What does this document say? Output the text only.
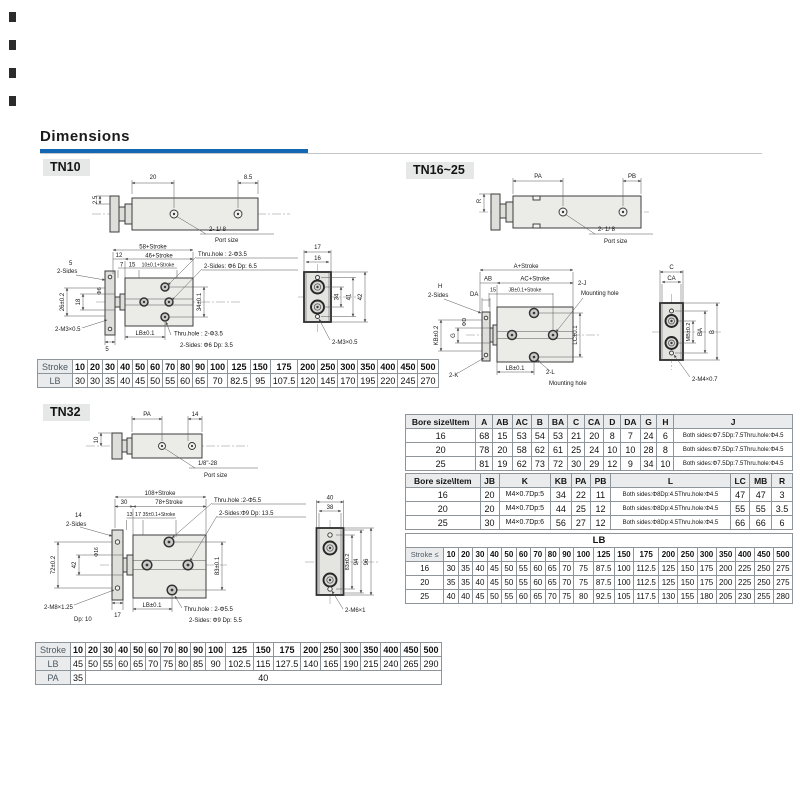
Dimensions
TN10	TN16~25
TN32
20	8.5
2.5
2- 1/ 8
Port size
58+Stroke
12	46+Stroke
7 15 10±0.1+Stroke
5
2-Sides
Φ6
26±0.2 18
2-M3×0.5
5
LB±0.1
34±0.1
Thru.hole : 2-Φ3.5
2-Sides: Φ6 Dp: 6.5
Thru.hole : 2-Φ3.5
2-Sides: Φ6 Dp: 3.5
17
16
34 41 42
2-M3×0.5
Stroke	10	20	30	40	50	60	70	80	90	100	125	150	175	200	250	300	350	400	450	500
LB	30	30	35	40	45	50	55	60	65	70	82.5	95	107.5	120	145	170	195	220	245	270
PA	PB
R
2- 1/ 8
Port size
A+Stroke
AB	AC+Stroke
15 JB±0.1+Stroke
2-J
Mounting hole
H
2-Sides	DA
ΦD
KB±0.2 G
2-K
LB±0.1
2-L
Mounting hole
LC±0.1
C
CA
MB±0.2 BA B
2-M4×0.7
Bore size\Item	A	AB	AC	B	BA	C	CA	D	DA	G	H	J
16	68	15	53	54	53	21	20	8	7	24	6	Both sides:Φ7.5Dp:7.5Thru.hole:Φ4.5
20	78	20	58	62	61	25	24	10	10	28	8	Both sides:Φ7.5Dp:7.5Thru.hole:Φ4.5
25	81	19	62	73	72	30	29	12	9	34	10	Both sides:Φ7.5Dp:7.5Thru.hole:Φ4.5
Bore size\Item	JB	K	KB	PA	PB	L	LC	MB	R
16	20	M4×0.7Dp:5	34	22	11	Both sides:Φ8Dp:4.5Thru.hole:Φ4.5	47	47	3
20	20	M4×0.7Dp:5	44	25	12	Both sides:Φ8Dp:4.5Thru.hole:Φ4.5	55	55	3.5
25	30	M4×0.7Dp:6	56	27	12	Both sides:Φ8Dp:4.5Thru.hole:Φ4.5	66	66	6
LB																				
Stroke ≤	10	20	30	40	50	60	70	80	90	100	125	150	175	200	250	300	350	400	450	500
16	30	35	40	45	50	55	60	65	70	75	87.5	100	112.5	125	150	175	200	225	250	275
20	35	35	40	45	50	55	60	65	70	75	87.5	100	112.5	125	150	175	200	225	250	275
25	40	40	45	50	55	60	65	70	75	80	92.5	105	117.5	130	155	180	205	230	255	280
PA	14
10
1/8"-28
Port size
108+Stroke
30	78+Stroke
13 17 35±0.1+Stroke
Thru.hole :2-Φ5.5
2-Sides:Φ9 Dp: 13.5
14
2-Sides
Φ16
72±0.2	42
2-M8×1.25
Dp: 10
17
LB±0.1
Thru.hole : 2-Φ5.5
2-Sides: Φ9 Dp: 5.5
83±0.1
40
38
83±0.2 94 96
2-M6×1
Stroke	10	20	30	40	50	60	70	80	90	100	125	150	175	200	250	300	350	400	450	500
LB	45	50	55	60	65	70	75	80	85	90	102.5	115	127.5	140	165	190	215	240	265	290
PA	35	40																		
